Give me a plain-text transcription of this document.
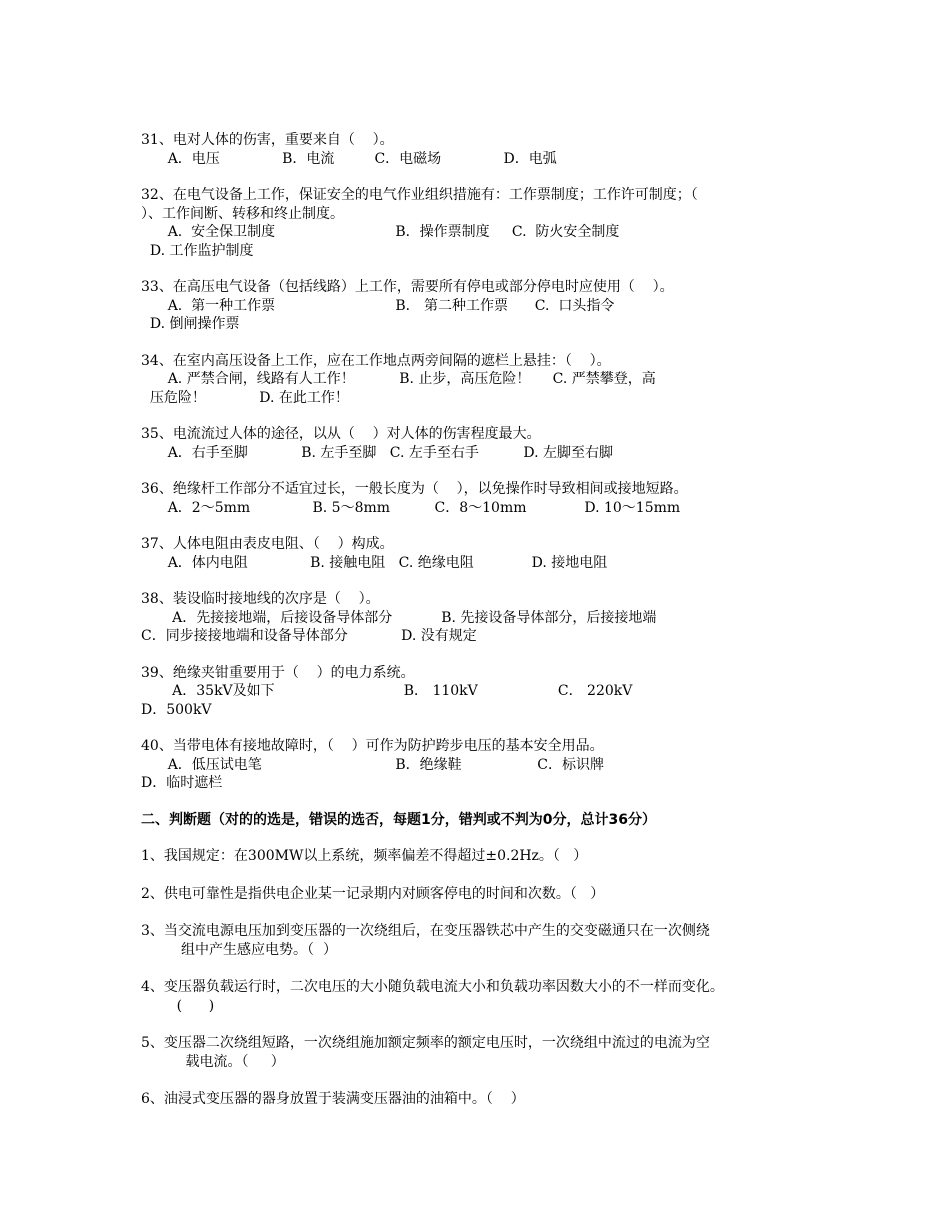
31、电对人体的伤害，重要来自（    ）。
A．电压              B．电流         C．电磁场              D．电弧
32、在电气设备上工作，保证安全的电气作业组织措施有：工作票制度；工作许可制度；（
）、工作间断、转移和终止制度。
A.  安全保卫制度                           B．操作票制度     C.  防火安全制度
D. 工作监护制度
33、在高压电气设备（包括线路）上工作，需要所有停电或部分停电时应使用（    ）。
A.  第一种工作票                           B． 第二种工作票      C.  口头指令
D. 倒闸操作票
34、在室内高压设备上工作，应在工作地点两旁间隔的遮栏上悬挂：（    ）。
A. 严禁合闸，线路有人工作！          B. 止步，高压危险！     C. 严禁攀登，高
压危险！            D. 在此工作！
35、电流流过人体的途径，以从（    ）对人体的伤害程度最大。
A．右手至脚            B. 左手至脚   C. 左手至右手          D. 左脚至右脚
36、绝缘杆工作部分不适宜过长，一般长度为（    ），以免操作时导致相间或接地短路。
A．2～5mm              B. 5～8mm          C．8～10mm             D. 10～15mm
37、人体电阻由表皮电阻、（    ）构成。
A．体内电阻              B. 接触电阻   C. 绝缘电阻             D. 接地电阻
38、装设临时接地线的次序是（    ）。
A．先接接地端，后接设备导体部分           B. 先接设备导体部分，后接接地端
C．同步接接地端和设备导体部分            D. 没有规定
39、绝缘夹钳重要用于（    ）的电力系统。
A．35kV及如下                             B． 110kV                  C． 220kV
D．500kV
40、当带电体有接地故障时，（    ）可作为防护跨步电压的基本安全用品。
A．低压试电笔                              B．绝缘鞋                 C．标识牌
D．临时遮栏
二、判断题（对的的选是，错误的选否，每题1分，错判或不判为0分，总计36分）
1、我国规定：在300MW以上系统，频率偏差不得超过±0.2Hz。（   ）
2、供电可靠性是指供电企业某一记录期内对顾客停电的时间和次数。（   ）
3、当交流电源电压加到变压器的一次绕组后，在变压器铁芯中产生的交变磁通只在一次侧绕
组中产生感应电势。（  ）
4、变压器负载运行时，二次电压的大小随负载电流大小和负载功率因数大小的不一样而变化。
(      )
5、变压器二次绕组短路，一次绕组施加额定频率的额定电压时，一次绕组中流过的电流为空
载电流。（     ）
6、油浸式变压器的器身放置于装满变压器油的油箱中。（    ）
